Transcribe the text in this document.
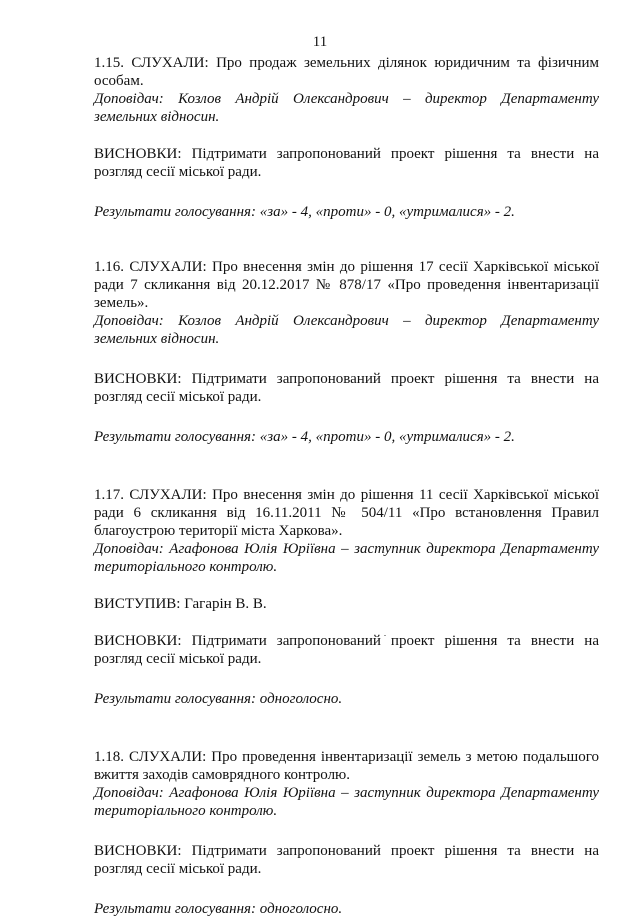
11

1.15. СЛУХАЛИ: Про продаж земельних ділянок юридичним та фізичним особам.

Доповідач: Козлов Андрій Олександрович – директор Департаменту земельних відносин.

ВИСНОВКИ: Підтримати запропонований проект рішення та внести на розгляд сесії міської ради.

Результати голосування: «за» - 4, «проти» - 0, «утрималися» - 2.

1.16. СЛУХАЛИ: Про внесення змін до рішення 17 сесії Харківської міської ради 7 скликання від 20.12.2017 № 878/17 «Про проведення інвентаризації земель».

Доповідач: Козлов Андрій Олександрович – директор Департаменту земельних відносин.

ВИСНОВКИ: Підтримати запропонований проект рішення та внести на розгляд сесії міської ради.

Результати голосування: «за» - 4, «проти» - 0, «утрималися» - 2.

1.17. СЛУХАЛИ: Про внесення змін до рішення 11 сесії Харківської міської ради 6 скликання від 16.11.2011 № 504/11 «Про встановлення Правил благоустрою території міста Харкова».

Доповідач: Агафонова Юлія Юріївна – заступник директора Департаменту територіального контролю.

ВИСТУПИВ: Гагарін В. В.

ВИСНОВКИ: Підтримати запропонований проект рішення та внести на розгляд сесії міської ради.

Результати голосування: одноголосно.

1.18. СЛУХАЛИ: Про проведення інвентаризації земель з метою подальшого вжиття заходів самоврядного контролю.

Доповідач: Агафонова Юлія Юріївна – заступник директора Департаменту територіального контролю.

ВИСНОВКИ: Підтримати запропонований проект рішення та внести на розгляд сесії міської ради.

Результати голосування: одноголосно.
